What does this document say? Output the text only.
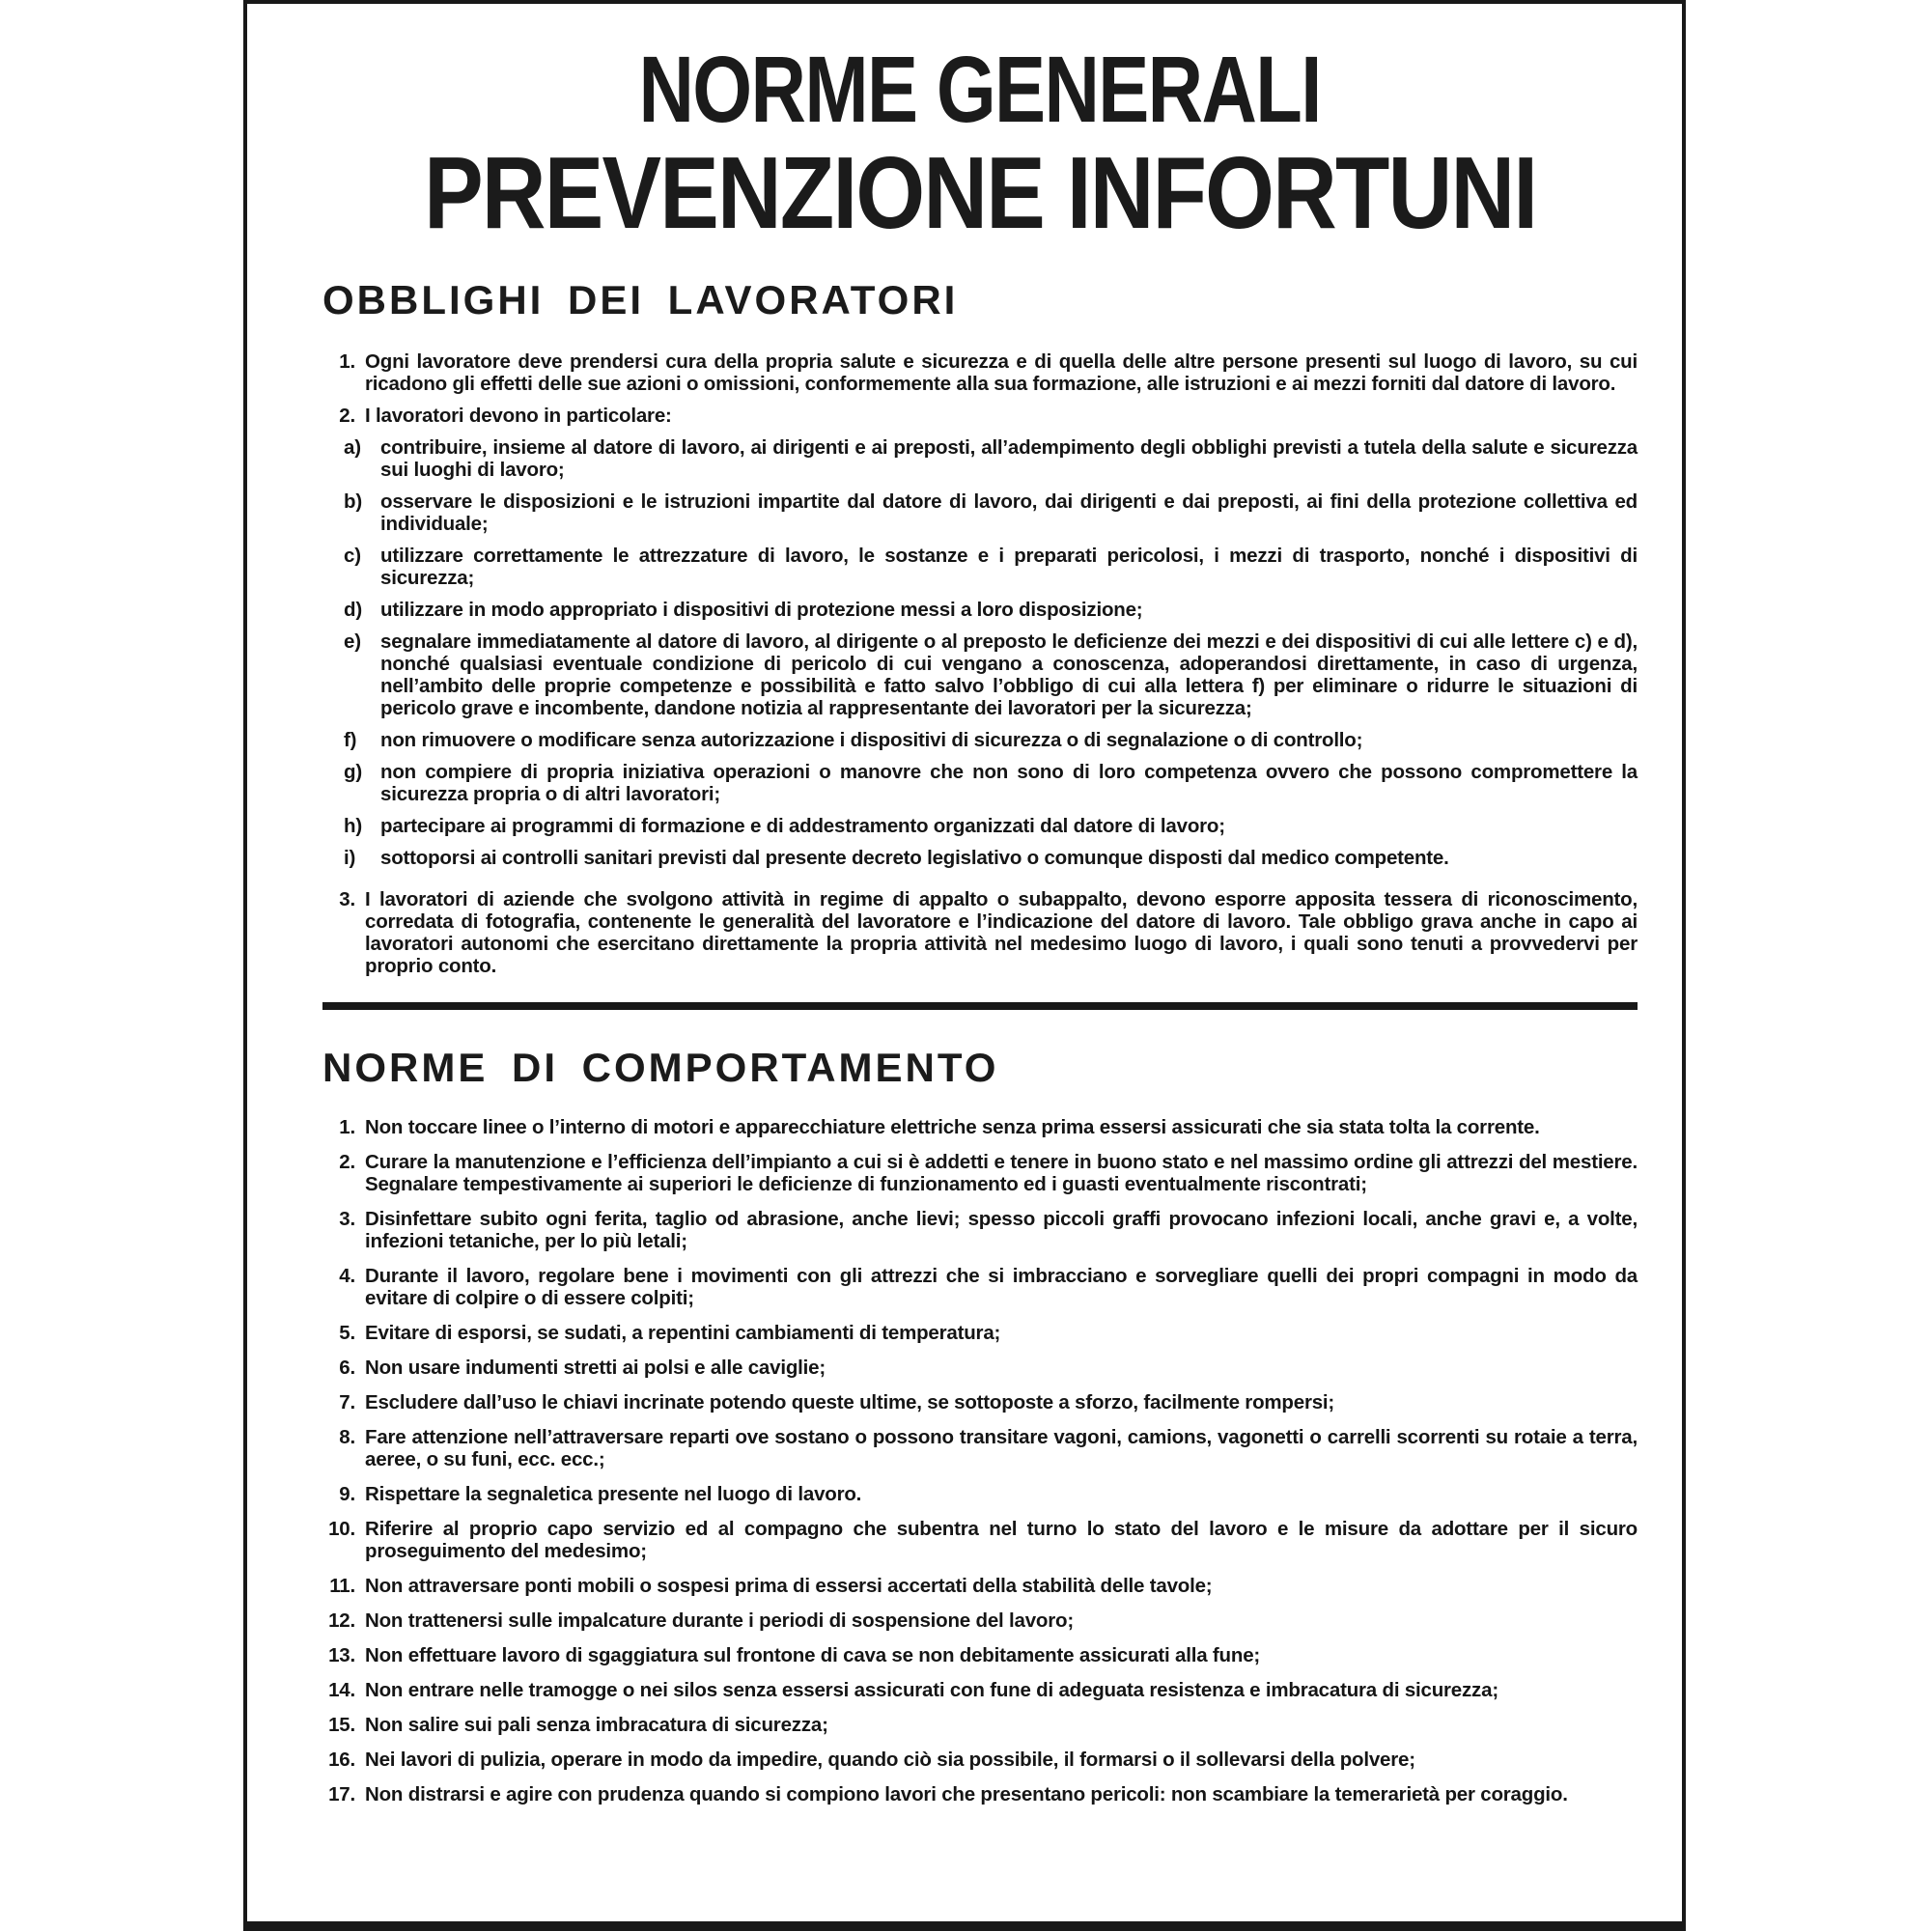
NORME GENERALI
PREVENZIONE INFORTUNI
OBBLIGHI DEI LAVORATORI
1. Ogni lavoratore deve prendersi cura della propria salute e sicurezza e di quella delle altre persone presenti sul luogo di lavoro, su cui ricadono gli effetti delle sue azioni o omissioni, conformemente alla sua formazione, alle istruzioni e ai mezzi forniti dal datore di lavoro.
2. I lavoratori devono in particolare:
a) contribuire, insieme al datore di lavoro, ai dirigenti e ai preposti, all’adempimento degli obblighi previsti a tutela della salute e sicurezza sui luoghi di lavoro;
b) osservare le disposizioni e le istruzioni impartite dal datore di lavoro, dai dirigenti e dai preposti, ai fini della protezione collettiva ed individuale;
c) utilizzare correttamente le attrezzature di lavoro, le sostanze e i preparati pericolosi, i mezzi di trasporto, nonché i dispositivi di sicurezza;
d) utilizzare in modo appropriato i dispositivi di protezione messi a loro disposizione;
e) segnalare immediatamente al datore di lavoro, al dirigente o al preposto le deficienze dei mezzi e dei dispositivi di cui alle lettere c) e d), nonché qualsiasi eventuale condizione di pericolo di cui vengano a conoscenza, adoperandosi direttamente, in caso di urgenza, nell’ambito delle proprie competenze e possibilità e fatto salvo l’obbligo di cui alla lettera f) per eliminare o ridurre le situazioni di pericolo grave e incombente, dandone notizia al rappresentante dei lavoratori per la sicurezza;
f)	non rimuovere o modificare senza autorizzazione i dispositivi di sicurezza o di segnalazione o di controllo;
g) non compiere di propria iniziativa operazioni o manovre che non sono di loro competenza ovvero che possono compromettere la sicurezza propria o di altri lavoratori;
h) partecipare ai programmi di formazione e di addestramento organizzati dal datore di lavoro;
i)	sottoporsi ai controlli sanitari previsti dal presente decreto legislativo o comunque disposti dal medico competente.
3. I lavoratori di aziende che svolgono attività in regime di appalto o subappalto, devono esporre apposita tessera di riconoscimento, corredata di fotografia, contenente le generalità del lavoratore e l’indicazione del datore di lavoro. Tale obbligo grava anche in capo ai lavoratori autonomi che esercitano direttamente la propria attività nel medesimo luogo di lavoro, i quali sono tenuti a provvedervi per proprio conto.
NORME DI COMPORTAMENTO
1. Non toccare linee o l’interno di motori e apparecchiature elettriche senza prima essersi assicurati che sia stata tolta la corrente.
2. Curare la manutenzione e l’efficienza dell’impianto a cui si è addetti e tenere in buono stato e nel massimo ordine gli attrezzi del mestiere. Segnalare tempestivamente ai superiori le deficienze di funzionamento ed i guasti eventualmente riscontrati;
3. Disinfettare subito ogni ferita, taglio od abrasione, anche lievi; spesso piccoli graffi provocano infezioni locali, anche gravi e, a volte, infezioni tetaniche, per lo più letali;
4. Durante il lavoro, regolare bene i movimenti con gli attrezzi che si imbracciano e sorvegliare quelli dei propri compagni in modo da evitare di colpire o di essere colpiti;
5. Evitare di esporsi, se sudati, a repentini cambiamenti di temperatura;
6. Non usare indumenti stretti ai polsi e alle caviglie;
7. Escludere dall’uso le chiavi incrinate potendo queste ultime, se sottoposte a sforzo, facilmente rompersi;
8. Fare attenzione nell’attraversare reparti ove sostano o possono transitare vagoni, camions, vagonetti o carrelli scorrenti su rotaie a terra, aeree, o su funi, ecc. ecc.;
9. Rispettare la segnaletica presente nel luogo di lavoro.
10. Riferire al proprio capo servizio ed al compagno che subentra nel turno lo stato del lavoro e le misure da adottare per il sicuro proseguimento del medesimo;
11. Non attraversare ponti mobili o sospesi prima di essersi accertati della stabilità delle tavole;
12. Non trattenersi sulle impalcature durante i periodi di sospensione del lavoro;
13. Non effettuare lavoro di sgaggiatura sul frontone di cava se non debitamente assicurati alla fune;
14. Non entrare nelle tramogge o nei silos senza essersi assicurati con fune di adeguata resistenza e imbracatura di sicurezza;
15. Non salire sui pali senza imbracatura di sicurezza;
16. Nei lavori di pulizia, operare in modo da impedire, quando ciò sia possibile, il formarsi o il sollevarsi della polvere;
17. Non distrarsi e agire con prudenza quando si compiono lavori che presentano pericoli: non scambiare la temerarietà per coraggio.
